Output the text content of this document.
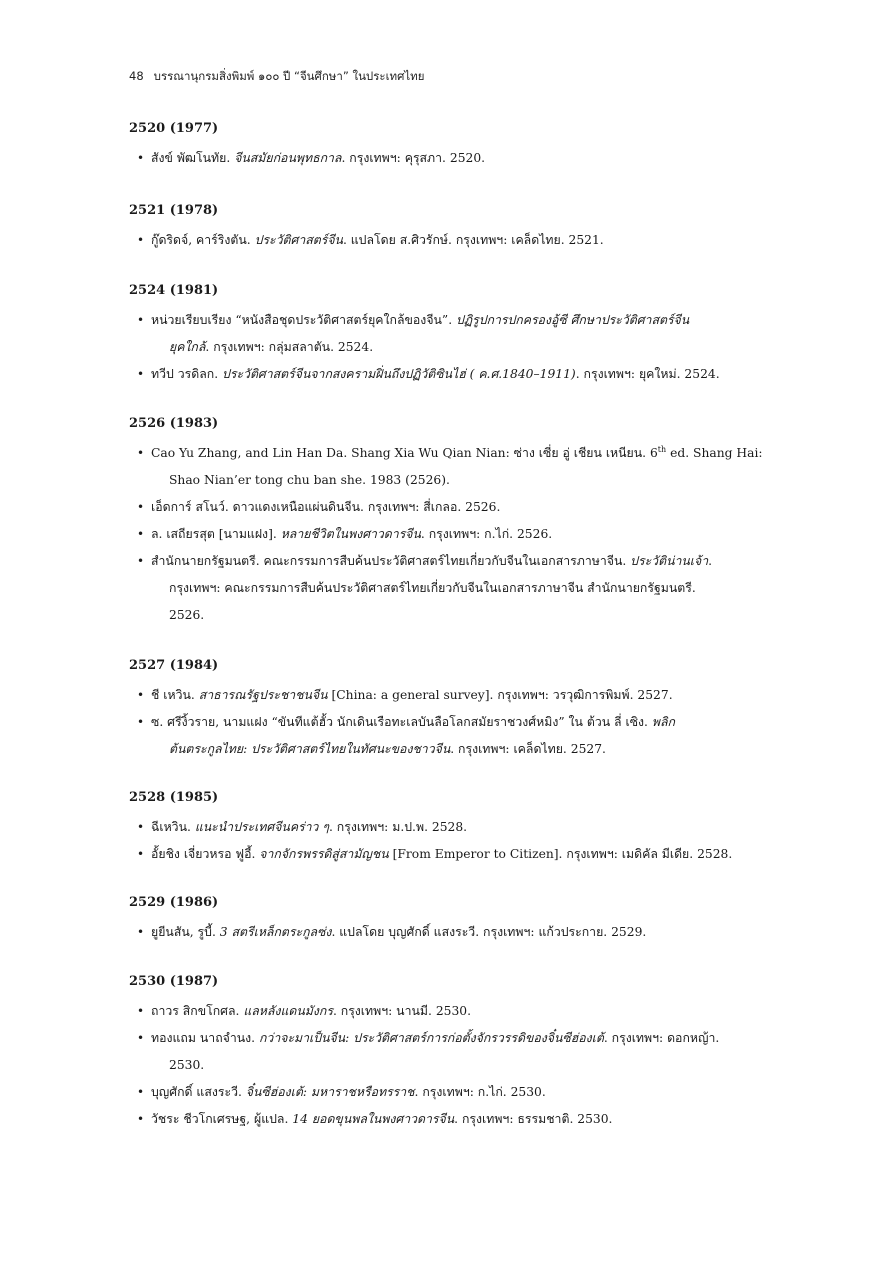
48 บรรณานุกรมสิ่งพิมพ์ ๑๐๐ ปี “จีนศึกษา” ในประเทศไทย
2520 (1977)
• สังข์ พัฒโนทัย. จีนสมัยก่อนพุทธกาล. กรุงเทพฯ: คุรุสภา. 2520.
2521 (1978)
• กู๊ดริดจ์, คาร์ริงตัน. ประวัติศาสตร์จีน. แปลโดย ส.ศิวรักษ์. กรุงเทพฯ: เคล็ดไทย. 2521.
2524 (1981)
• หน่วยเรียบเรียง “หนังสือชุดประวัติศาสตร์ยุคใกล้ของจีน”. ปฏิรูปการปกครองอู้ซี ศึกษาประวัติศาสตร์จีน
ยุคใกล้. กรุงเทพฯ: กลุ่มสลาตัน. 2524.
• ทวีป วรดิลก. ประวัติศาสตร์จีนจากสงครามฝิ่นถึงปฏิวัติซินไฮ่ ( ค.ศ.1840–1911). กรุงเทพฯ: ยุคใหม่. 2524.
2526 (1983)
• Cao Yu Zhang, and Lin Han Da. Shang Xia Wu Qian Nian: ซ่าง เซี่ย อู่ เชียน เหนียน. 6th ed. Shang Hai:
Shao Nian’er tong chu ban she. 1983 (2526).
• เอ็ดการ์ สโนว์. ดาวแดงเหนือแผ่นดินจีน. กรุงเทพฯ: สี่เกลอ. 2526.
• ล. เสถียรสุต [นามแฝง]. หลายชีวิตในพงศาวดารจีน. กรุงเทพฯ: ก.ไก่. 2526.
• สำนักนายกรัฐมนตรี. คณะกรรมการสืบค้นประวัติศาสตร์ไทยเกี่ยวกับจีนในเอกสารภาษาจีน. ประวัติน่านเจ้า.
กรุงเทพฯ: คณะกรรมการสืบค้นประวัติศาสตร์ไทยเกี่ยวกับจีนในเอกสารภาษาจีน สำนักนายกรัฐมนตรี.
2526.
2527 (1984)
• ชี เหวิน. สาธารณรัฐประชาชนจีน [China: a general survey]. กรุงเทพฯ: วรวุฒิการพิมพ์. 2527.
• ซ. ศรีงิ้วราย, นามแฝง “ขันทีแต้ฮั้ว นักเดินเรือทะเลบันลือโลกสมัยราชวงศ์หมิง” ใน ต้วน ลี่ เซิง. พลิก
ต้นตระกูลไทย: ประวัติศาสตร์ไทยในทัศนะของชาวจีน. กรุงเทพฯ: เคล็ดไทย. 2527.
2528 (1985)
• ฉีเหวิน. แนะนำประเทศจีนคร่าว ๆ. กรุงเทพฯ: ม.ป.พ. 2528.
• อั้ยชิง เจี่ยวหรอ ฟูอี้. จากจักรพรรดิสู่สามัญชน [From Emperor to Citizen]. กรุงเทพฯ: เมดิคัล มีเดีย. 2528.
2529 (1986)
• ยูยีนสัน, รูบี้. 3 สตรีเหล็กตระกูลซ่ง. แปลโดย บุญศักดิ์ แสงระวี. กรุงเทพฯ: แก้วประกาย. 2529.
2530 (1987)
• ถาวร สิกขโกศล. แลหลังแดนมังกร. กรุงเทพฯ: นานมี. 2530.
• ทองแถม นาถจำนง. กว่าจะมาเป็นจีน: ประวัติศาสตร์การก่อตั้งจักรวรรดิของจิ๋นซีฮ่องเต้. กรุงเทพฯ: ดอกหญ้า.
2530.
• บุญศักดิ์ แสงระวี. จิ๋นซีฮ่องเต้: มหาราชหรือทรราช. กรุงเทพฯ: ก.ไก่. 2530.
• วัชระ ชีวโกเศรษฐ, ผู้แปล. 14 ยอดขุนพลในพงศาวดารจีน. กรุงเทพฯ: ธรรมชาติ. 2530.
